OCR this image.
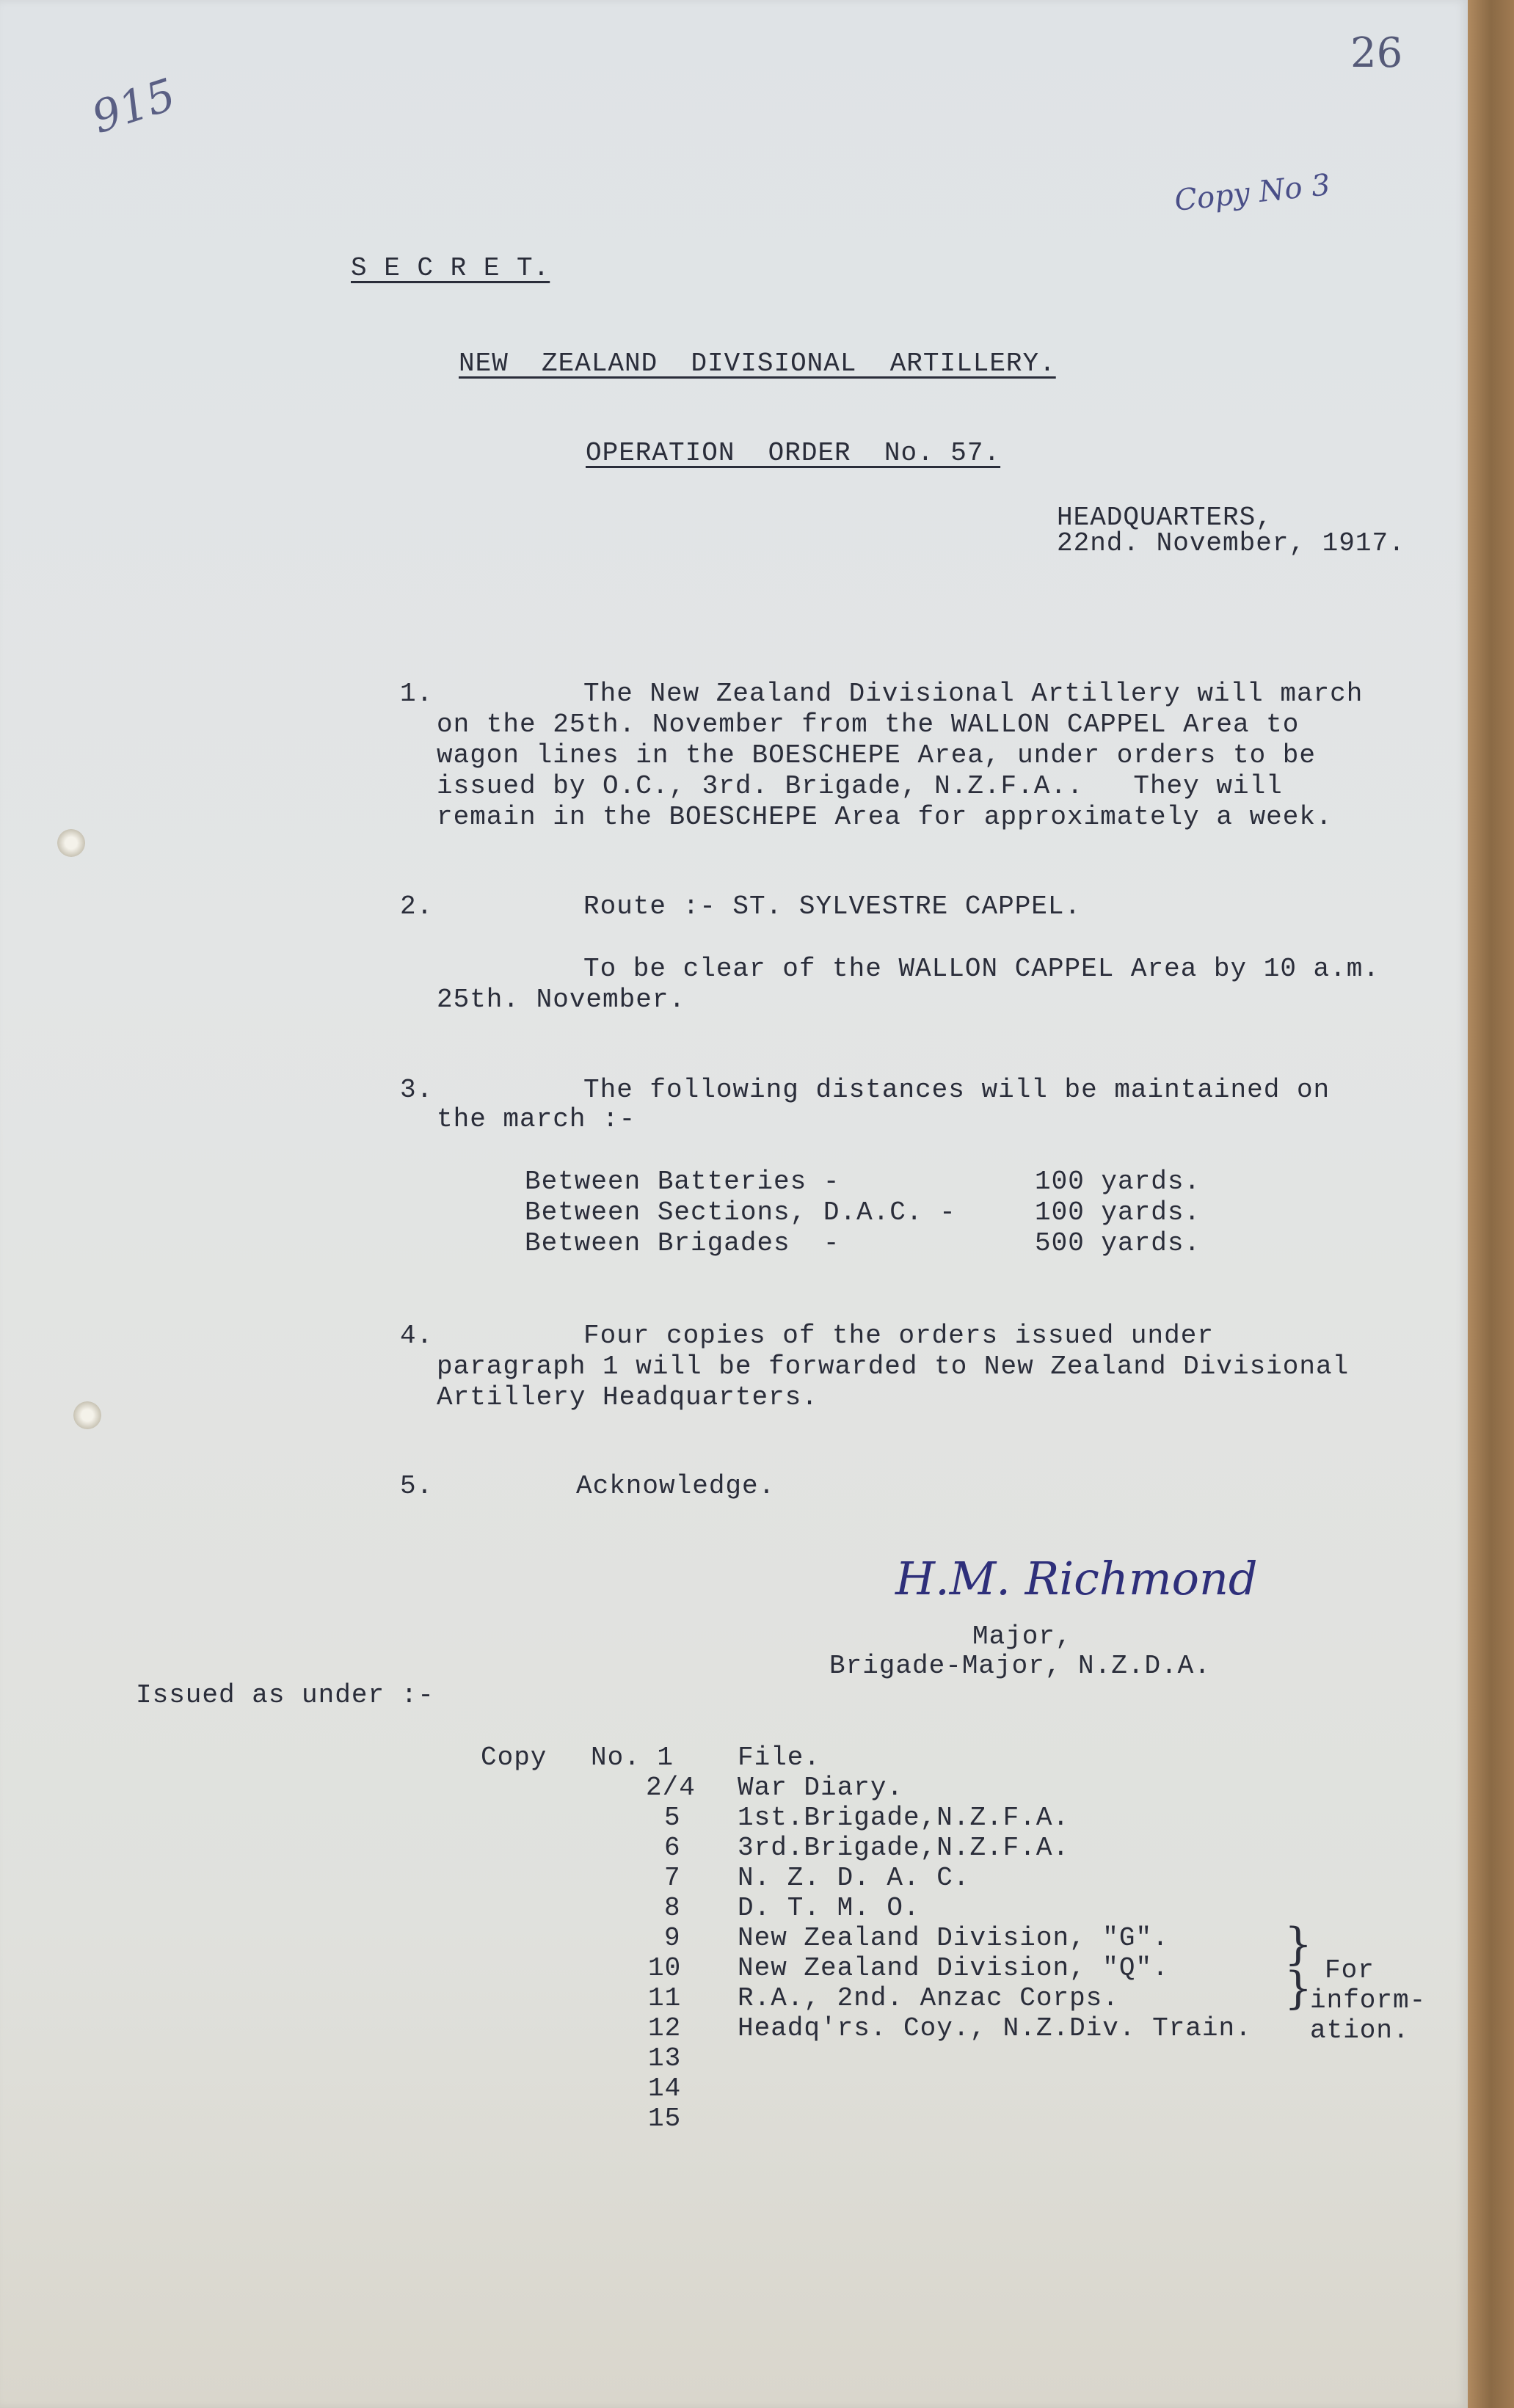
915
26
Copy No 3
S E C R E T.
NEW  ZEALAND  DIVISIONAL  ARTILLERY.
OPERATION  ORDER  No. 57.
HEADQUARTERS,
22nd. November, 1917.
1.	The New Zealand Divisional Artillery will march
on the 25th. November from the WALLON CAPPEL Area to
wagon lines in the BOESCHEPE Area, under orders to be
issued by O.C., 3rd. Brigade, N.Z.F.A..   They will
remain in the BOESCHEPE Area for approximately a week.
2.	Route :- ST. SYLVESTRE CAPPEL.
To be clear of the WALLON CAPPEL Area by 10 a.m.
25th. November.
3.	The following distances will be maintained on
the march :-
Between Batteries -	100 yards.
Between Sections, D.A.C. -	100 yards.
Between Brigades  -	500 yards.
4.	Four copies of the orders issued under
paragraph 1 will be forwarded to New Zealand Divisional
Artillery Headquarters.
5.	Acknowledge.
H.M. Richmond
Major,
Brigade-Major, N.Z.D.A.
Issued as under :-
Copy No. 1 File.
2/4 War Diary.
5 1st.Brigade,N.Z.F.A.
6 3rd.Brigade,N.Z.F.A.
7 N. Z. D. A. C.
8 D. T. M. O.
9 New Zealand Division, "G".
10 New Zealand Division, "Q".
11 R.A., 2nd. Anzac Corps.
12 Headq'rs. Coy., N.Z.Div. Train.
13
14
15
}
} For
inform-
ation.
